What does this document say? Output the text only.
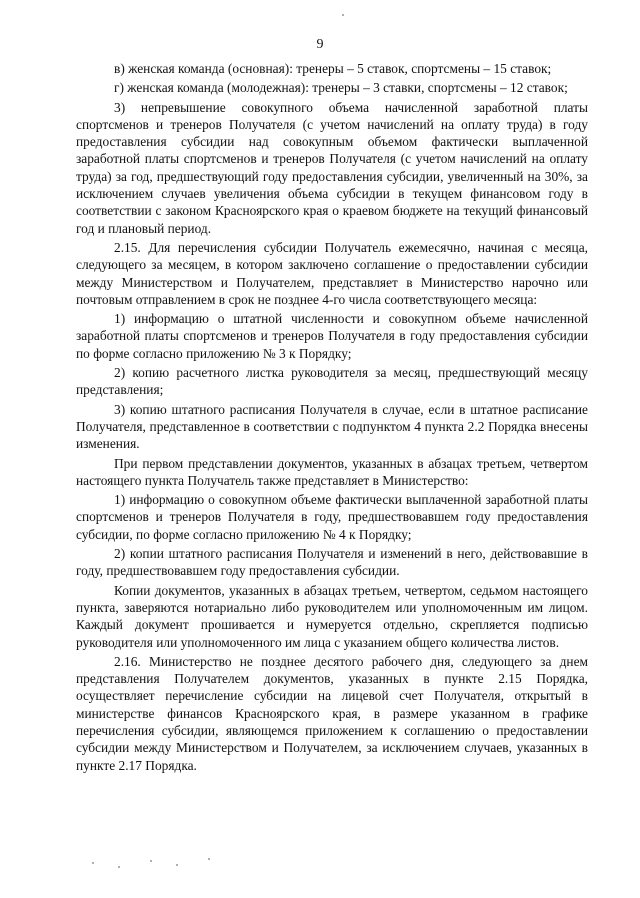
9

в) женская команда (основная): тренеры – 5 ставок, спортсмены – 15 ставок;

г) женская команда (молодежная): тренеры – 3 ставки, спортсмены – 12 ставок;

3) непревышение совокупного объема начисленной заработной платы спортсменов и тренеров Получателя (с учетом начислений на оплату труда) в году предоставления субсидии над совокупным объемом фактически выплаченной заработной платы спортсменов и тренеров Получателя (с учетом начислений на оплату труда) за год, предшествующий году предоставления субсидии, увеличенный на 30%, за исключением случаев увеличения объема субсидии в текущем финансовом году в соответствии с законом Красноярского края о краевом бюджете на текущий финансовый год и плановый период.

2.15. Для перечисления субсидии Получатель ежемесячно, начиная с месяца, следующего за месяцем, в котором заключено соглашение о предоставлении субсидии между Министерством и Получателем, представляет в Министерство нарочно или почтовым отправлением в срок не позднее 4-го числа соответствующего месяца:

1) информацию о штатной численности и совокупном объеме начисленной заработной платы спортсменов и тренеров Получателя в году предоставления субсидии по форме согласно приложению № 3 к Порядку;

2) копию расчетного листка руководителя за месяц, предшествующий месяцу представления;

3) копию штатного расписания Получателя в случае, если в штатное расписание Получателя, представленное в соответствии с подпунктом 4 пункта 2.2 Порядка внесены изменения.

При первом представлении документов, указанных в абзацах третьем, четвертом настоящего пункта Получатель также представляет в Министерство:

1) информацию о совокупном объеме фактически выплаченной заработной платы спортсменов и тренеров Получателя в году, предшествовавшем году предоставления субсидии, по форме согласно приложению № 4 к Порядку;

2) копии штатного расписания Получателя и изменений в него, действовавшие в году, предшествовавшем году предоставления субсидии.

Копии документов, указанных в абзацах третьем, четвертом, седьмом настоящего пункта, заверяются нотариально либо руководителем или уполномоченным им лицом. Каждый документ прошивается и нумеруется отдельно, скрепляется подписью руководителя или уполномоченного им лица с указанием общего количества листов.

2.16. Министерство не позднее десятого рабочего дня, следующего за днем представления Получателем документов, указанных в пункте 2.15 Порядка, осуществляет перечисление субсидии на лицевой счет Получателя, открытый в министерстве финансов Красноярского края, в размере указанном в графике перечисления субсидии, являющемся приложением к соглашению о предоставлении субсидии между Министерством и Получателем, за исключением случаев, указанных в пункте 2.17 Порядка.
